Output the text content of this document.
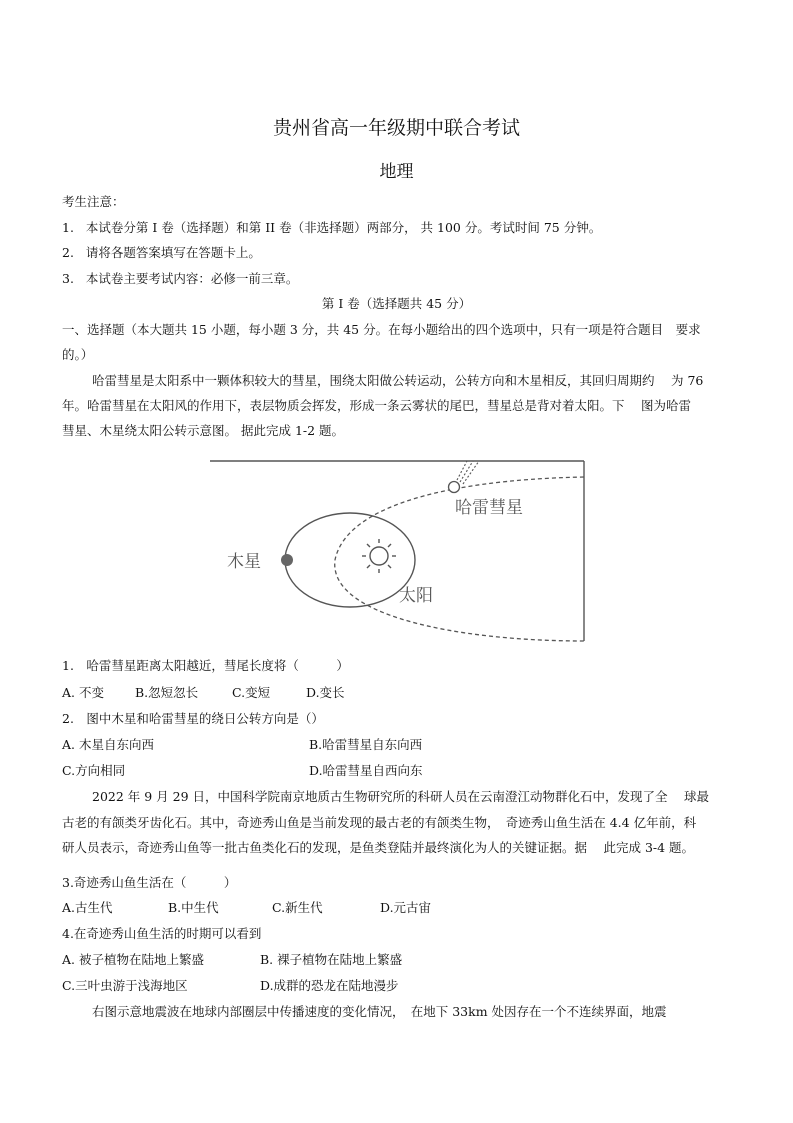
贵州省高一年级期中联合考试
地理
考生注意：
1. 本试卷分第 I 卷（选择题）和第 II 卷（非选择题）两部分， 共 100 分。考试时间 75 分钟。
2. 请将各题答案填写在答题卡上。
3. 本试卷主要考试内容：必修一前三章。
第 I 卷（选择题共 45 分）
一、选择题（本大题共 15 小题，每小题 3 分，共 45 分。在每小题给出的四个选项中，只有一项是符合题目　要求
的。）
哈雷彗星是太阳系中一颗体积较大的彗星，围绕太阳做公转运动，公转方向和木星相反，其回归周期约　 为 76
年。哈雷彗星在太阳风的作用下，表层物质会挥发，形成一条云雾状的尾巴，彗星总是背对着太阳。下　 图为哈雷
彗星、木星绕太阳公转示意图。 据此完成 1-2 题。
哈雷彗星
木星
太阳
1.　哈雷彗星距离太阳越近，彗尾长度将（　　　）
A. 不变 B.忽短忽长	C.变短	D.变长
2.　图中木星和哈雷彗星的绕日公转方向是（）
A. 木星自东向西	B.哈雷彗星自东向西
C.方向相同	D.哈雷彗星自西向东
2022 年 9 月 29 日，中国科学院南京地质古生物研究所的科研人员在云南澄江动物群化石中，发现了全　 球最
古老的有颌类牙齿化石。其中，奇迹秀山鱼是当前发现的最古老的有颌类生物，　奇迹秀山鱼生活在 4.4 亿年前，科
研人员表示，奇迹秀山鱼等一批古鱼类化石的发现，是鱼类登陆并最终演化为人的关键证据。据　 此完成 3-4 题。
3.奇迹秀山鱼生活在（　　　）
A.古生代	B.中生代	C.新生代	D.元古宙
4.在奇迹秀山鱼生活的时期可以看到
A. 被子植物在陆地上繁盛	B. 裸子植物在陆地上繁盛
C.三叶虫游于浅海地区	D.成群的恐龙在陆地漫步
右图示意地震波在地球内部圈层中传播速度的变化情况，　在地下 33km 处因存在一个不连续界面，地震
